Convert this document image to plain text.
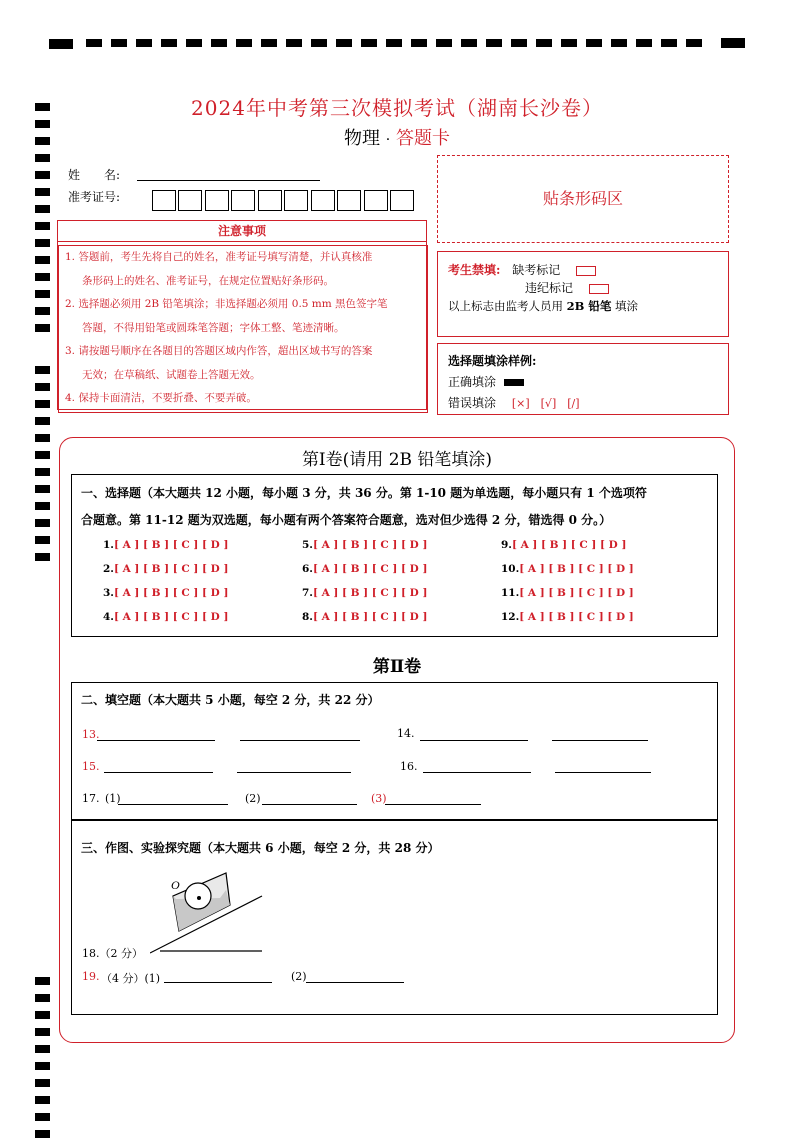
2024年中考第三次模拟考试（湖南长沙卷）
物理 · 答题卡
姓　　名:
准考证号:
注意事项
1. 答题前，考生先将自己的姓名，准考证号填写清楚，并认真核准
条形码上的姓名、准考证号，在规定位置贴好条形码。
2. 选择题必须用 2B 铅笔填涂；非选择题必须用 0.5 mm 黑色签字笔
答题，不得用铅笔或圆珠笔答题；字体工整、笔迹清晰。
3. 请按题号顺序在各题目的答题区域内作答，超出区域书写的答案
无效；在草稿纸、试题卷上答题无效。
4. 保持卡面清洁，不要折叠、不要弄破。
贴条形码区
考生禁填: 缺考标记
违纪标记
以上标志由监考人员用 2B 铅笔 填涂
选择题填涂样例:
正确填涂
错误填涂 [×]　[√]　[/]
第Ⅰ卷(请用 2B 铅笔填涂)
一、选择题（本大题共 12 小题，每小题 3 分，共 36 分。第 1-10 题为单选题，每小题只有 1 个选项符
合题意。第 11-12 题为双选题，每小题有两个答案符合题意，选对但少选得 2 分，错选得 0 分。）
1.[ A ] [ B ] [ C ] [ D ]
2.[ A ] [ B ] [ C ] [ D ]
3.[ A ] [ B ] [ C ] [ D ]
4.[ A ] [ B ] [ C ] [ D ]
5.[ A ] [ B ] [ C ] [ D ]
6.[ A ] [ B ] [ C ] [ D ]
7.[ A ] [ B ] [ C ] [ D ]
8.[ A ] [ B ] [ C ] [ D ]
9.[ A ] [ B ] [ C ] [ D ]
10.[ A ] [ B ] [ C ] [ D ]
11.[ A ] [ B ] [ C ] [ D ]
12.[ A ] [ B ] [ C ] [ D ]
第Ⅱ卷
二、填空题（本大题共 5 小题，每空 2 分，共 22 分）
13.	14.
15.	16.
17. (1)	(2)	(3)
三、作图、实验探究题（本大题共 6 小题，每空 2 分，共 28 分）
O
18.（2 分）
19. （4 分）(1)	(2)
